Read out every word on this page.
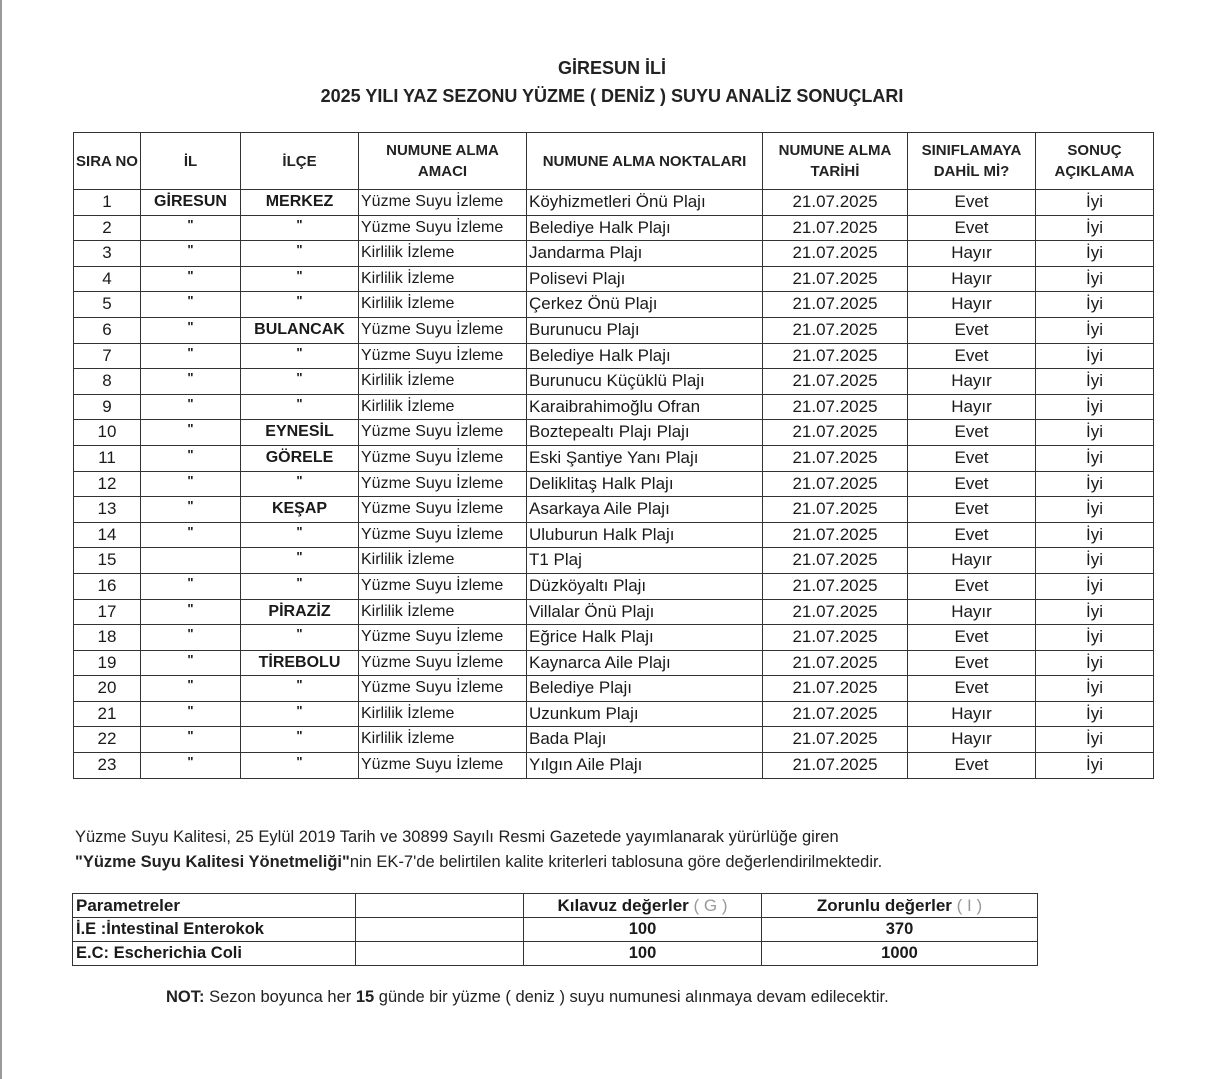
GİRESUN İLİ
2025 YILI YAZ SEZONU YÜZME ( DENİZ ) SUYU ANALİZ SONUÇLARI
SIRA NO	İL	İLÇE	NUMUNE ALMA AMACI	NUMUNE ALMA NOKTALARI	NUMUNE ALMA TARİHİ	SINIFLAMAYA DAHİL Mİ?	SONUÇ AÇIKLAMA
1	GİRESUN	MERKEZ	Yüzme Suyu İzleme	Köyhizmetleri Önü Plajı	21.07.2025	Evet	İyi
2	"	"	Yüzme Suyu İzleme	Belediye Halk Plajı	21.07.2025	Evet	İyi
3	"	"	Kirlilik İzleme	Jandarma Plajı	21.07.2025	Hayır	İyi
4	"	"	Kirlilik İzleme	Polisevi Plajı	21.07.2025	Hayır	İyi
5	"	"	Kirlilik İzleme	Çerkez Önü Plajı	21.07.2025	Hayır	İyi
6	"	BULANCAK	Yüzme Suyu İzleme	Burunucu Plajı	21.07.2025	Evet	İyi
7	"	"	Yüzme Suyu İzleme	Belediye Halk Plajı	21.07.2025	Evet	İyi
8	"	"	Kirlilik İzleme	Burunucu Küçüklü Plajı	21.07.2025	Hayır	İyi
9	"	"	Kirlilik İzleme	Karaibrahimoğlu Ofran	21.07.2025	Hayır	İyi
10	"	EYNESİL	Yüzme Suyu İzleme	Boztepealtı Plajı Plajı	21.07.2025	Evet	İyi
11	"	GÖRELE	Yüzme Suyu İzleme	Eski Şantiye Yanı Plajı	21.07.2025	Evet	İyi
12	"	"	Yüzme Suyu İzleme	Deliklitaş Halk Plajı	21.07.2025	Evet	İyi
13	"	KEŞAP	Yüzme Suyu İzleme	Asarkaya Aile Plajı	21.07.2025	Evet	İyi
14	"	"	Yüzme Suyu İzleme	Uluburun Halk Plajı	21.07.2025	Evet	İyi
15		"	Kirlilik İzleme	T1 Plaj	21.07.2025	Hayır	İyi
16	"	"	Yüzme Suyu İzleme	Düzköyaltı Plajı	21.07.2025	Evet	İyi
17	"	PİRAZİZ	Kirlilik İzleme	Villalar Önü Plajı	21.07.2025	Hayır	İyi
18	"	"	Yüzme Suyu İzleme	Eğrice Halk Plajı	21.07.2025	Evet	İyi
19	"	TİREBOLU	Yüzme Suyu İzleme	Kaynarca Aile Plajı	21.07.2025	Evet	İyi
20	"	"	Yüzme Suyu İzleme	Belediye Plajı	21.07.2025	Evet	İyi
21	"	"	Kirlilik İzleme	Uzunkum Plajı	21.07.2025	Hayır	İyi
22	"	"	Kirlilik İzleme	Bada Plajı	21.07.2025	Hayır	İyi
23	"	"	Yüzme Suyu İzleme	Yılgın Aile Plajı	21.07.2025	Evet	İyi
Yüzme Suyu Kalitesi, 25 Eylül 2019 Tarih ve 30899 Sayılı Resmi Gazetede yayımlanarak yürürlüğe giren
"Yüzme Suyu Kalitesi Yönetmeliği"nin EK-7'de belirtilen kalite kriterleri tablosuna göre değerlendirilmektedir.
Parametreler		Kılavuz değerler ( G )	Zorunlu değerler ( I )
İ.E :İntestinal Enterokok		100	370
E.C: Escherichia Coli		100	1000
NOT: Sezon boyunca her 15 günde bir yüzme ( deniz ) suyu numunesi alınmaya devam edilecektir.
